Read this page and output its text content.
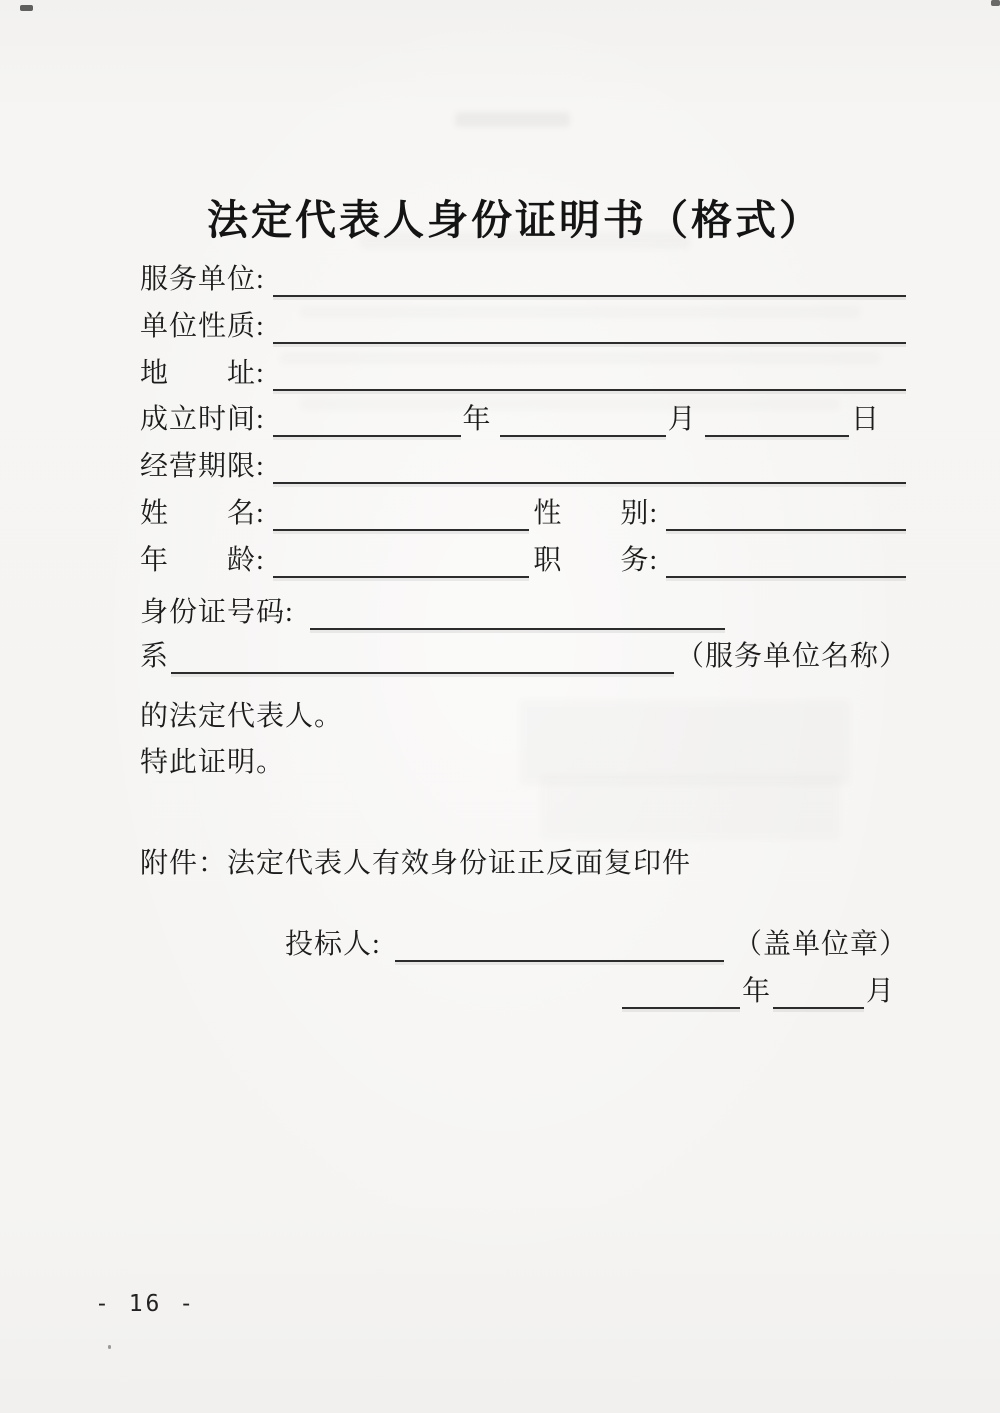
法定代表人身份证明书（格式）
服务单位:
单位性质:
地　　址:
成立时间:	年	月	日
经营期限:
姓　　名:	性　　别:
年　　龄:	职　　务:
身份证号码:
系	（服务单位名称）
的法定代表人。
特此证明。
附件：法定代表人有效身份证正反面复印件
投标人:	（盖单位章）
年	月
- 16 -
